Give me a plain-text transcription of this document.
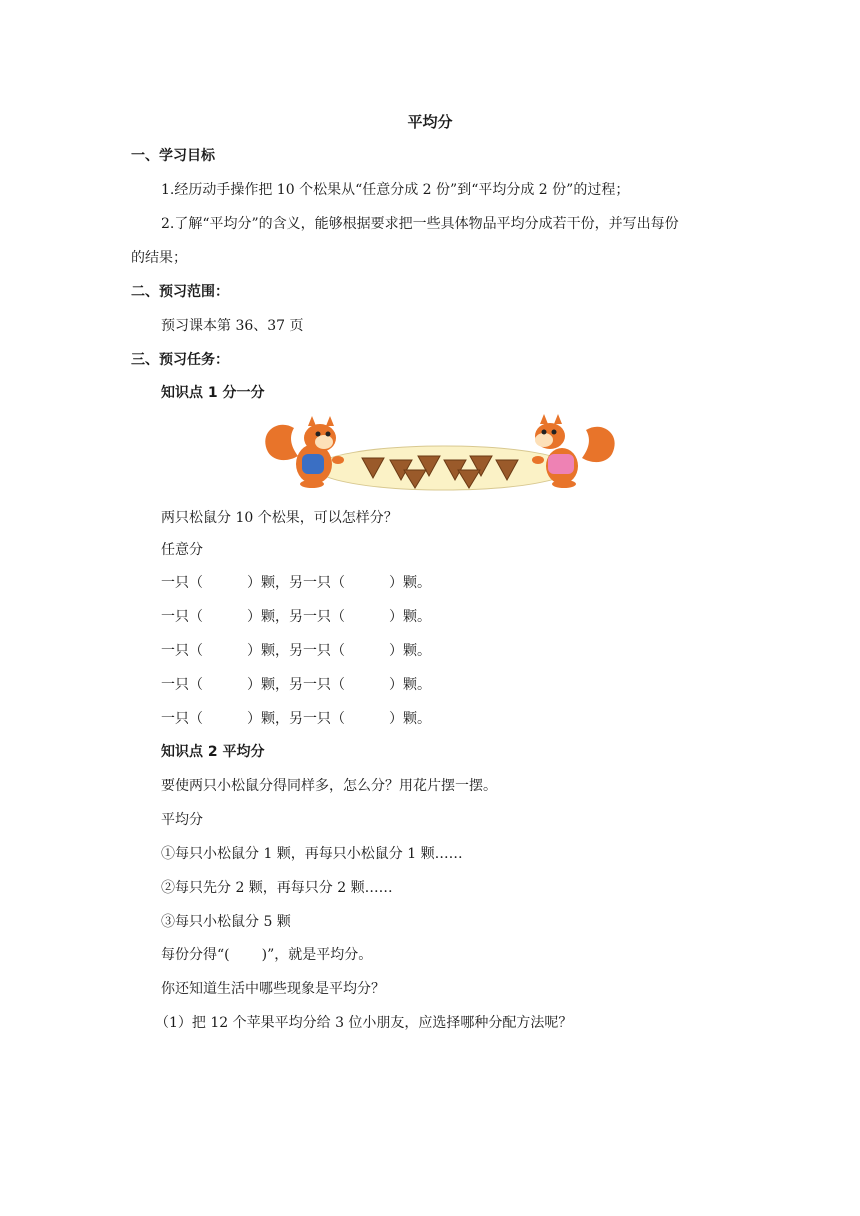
平均分
一、学习目标
1.经历动手操作把 10 个松果从“任意分成 2 份”到“平均分成 2 份”的过程；
2.了解“平均分”的含义，能够根据要求把一些具体物品平均分成若干份，并写出每份
的结果；
二、预习范围：
预习课本第 36、37 页
三、预习任务：
知识点 1 分一分
两只松鼠分 10 个松果，可以怎样分？
任意分
一只（	）颗，另一只（	）颗。
一只（	）颗，另一只（	）颗。
一只（	）颗，另一只（	）颗。
一只（	）颗，另一只（	）颗。
一只（	）颗，另一只（	）颗。
知识点 2 平均分
要使两只小松鼠分得同样多，怎么分？用花片摆一摆。
平均分
①每只小松鼠分 1 颗，再每只小松鼠分 1 颗……
②每只先分 2 颗，再每只分 2 颗……
③每只小松鼠分 5 颗
每份分得“( )”，就是平均分。
你还知道生活中哪些现象是平均分？
（1）把 12 个苹果平均分给 3 位小朋友，应选择哪种分配方法呢？
